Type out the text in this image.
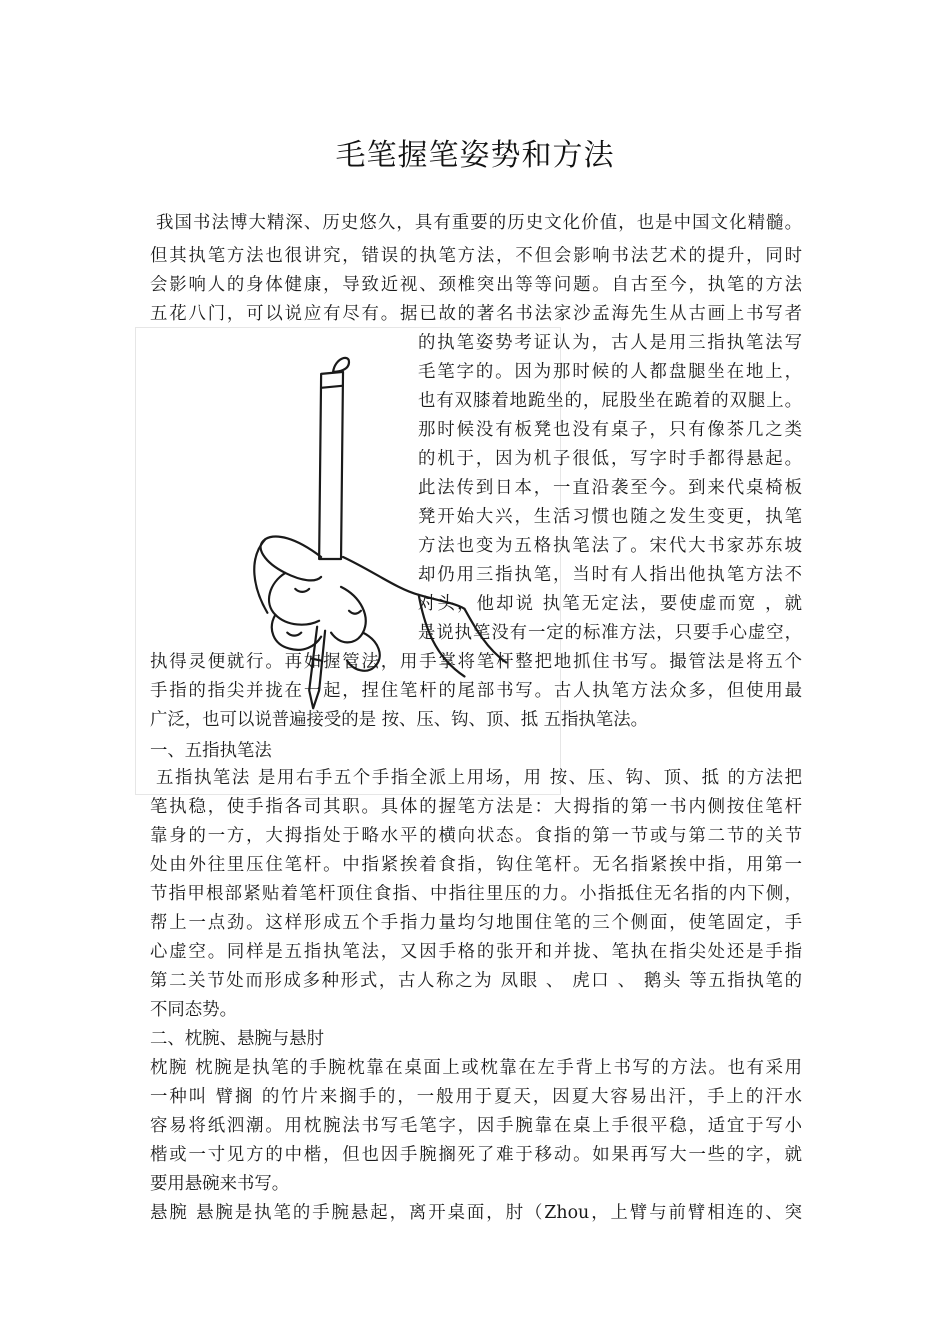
毛笔握笔姿势和方法
我国书法博大精深、历史悠久，具有重要的历史文化价值，也是中国文化精髓。
但其执笔方法也很讲究，错误的执笔方法，不但会影响书法艺术的提升，同时
会影响人的身体健康，导致近视、颈椎突出等等问题。自古至今，执笔的方法
五花八门，可以说应有尽有。据已故的著名书法家沙孟海先生从古画上书写者
的执笔姿势考证认为，古人是用三指执笔法写
毛笔字的。因为那时候的人都盘腿坐在地上，
也有双膝着地跪坐的，屁股坐在跪着的双腿上。
那时候没有板凳也没有桌子，只有像茶几之类
的机于，因为机子很低，写字时手都得悬起。
此法传到日本，一直沿袭至今。到来代桌椅板
凳开始大兴，生活习惯也随之发生变更，执笔
方法也变为五格执笔法了。宋代大书家苏东坡
却仍用三指执笔，当时有人指出他执笔方法不
对头，他却说 执笔无定法，要使虚而宽 ，就
是说执笔没有一定的标准方法，只要手心虚空，
执得灵便就行。再如握管法，用手掌将笔杆整把地抓住书写。撮管法是将五个
手指的指尖并拢在一起，捏住笔杆的尾部书写。古人执笔方法众多，但使用最
广泛，也可以说普遍接受的是 按、压、钩、顶、抵 五指执笔法。
一、五指执笔法
五指执笔法 是用右手五个手指全派上用场，用 按、压、钩、顶、抵 的方法把
笔执稳，使手指各司其职。具体的握笔方法是：大拇指的第一书内侧按住笔杆
靠身的一方，大拇指处于略水平的横向状态。食指的第一节或与第二节的关节
处由外往里压住笔杆。中指紧挨着食指，钩住笔杆。无名指紧挨中指，用第一
节指甲根部紧贴着笔杆顶住食指、中指往里压的力。小指抵住无名指的内下侧，
帮上一点劲。这样形成五个手指力量均匀地围住笔的三个侧面，使笔固定，手
心虚空。同样是五指执笔法，又因手格的张开和并拢、笔执在指尖处还是手指
第二关节处而形成多种形式，古人称之为 凤眼 、 虎口 、 鹅头 等五指执笔的
不同态势。
二、枕腕、悬腕与悬肘
枕腕 枕腕是执笔的手腕枕靠在桌面上或枕靠在左手背上书写的方法。也有采用
一种叫 臂搁 的竹片来搁手的，一般用于夏天，因夏大容易出汗，手上的汗水
容易将纸泗潮。用枕腕法书写毛笔字，因手腕靠在桌上手很平稳，适宜于写小
楷或一寸见方的中楷，但也因手腕搁死了难于移动。如果再写大一些的字，就
要用悬碗来书写。
悬腕 悬腕是执笔的手腕悬起，离开桌面，肘（Zhou，上臂与前臂相连的、突
